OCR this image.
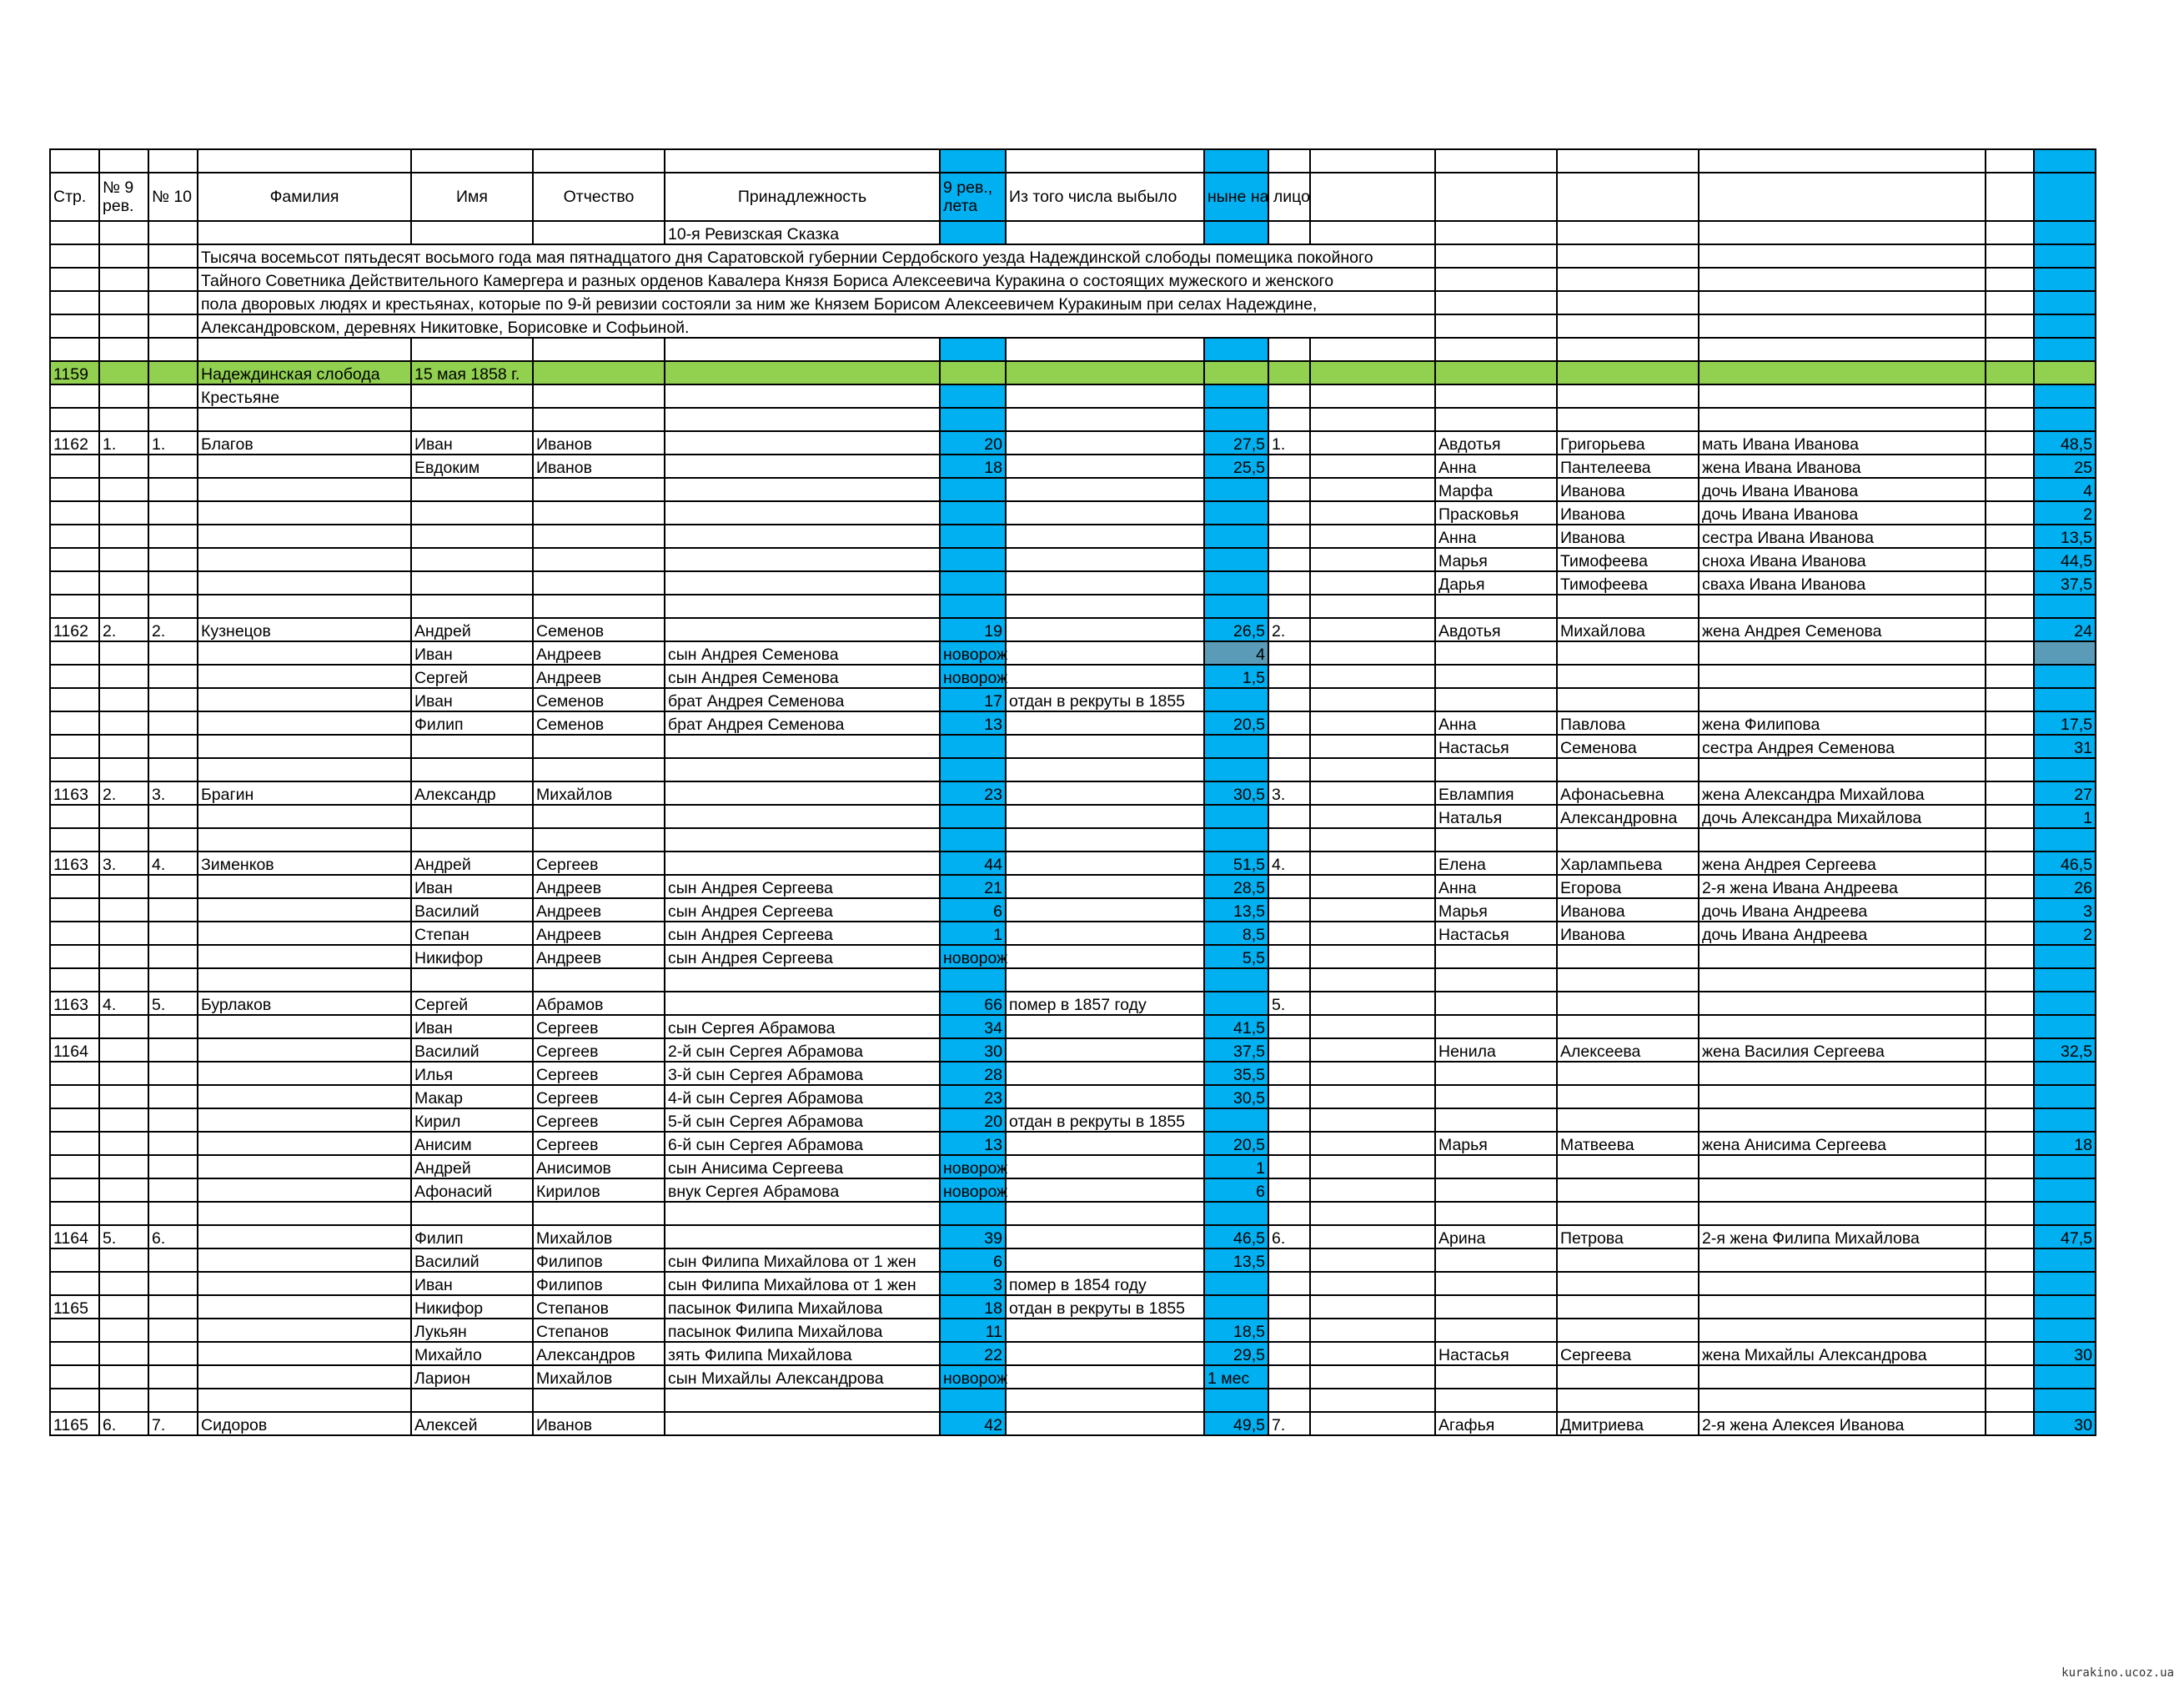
Стр.	№ 9 рев.	№ 10	Фамилия	Имя	Отчество	Принадлежность	9 рев., лета	Из того числа выбыло	ныне на лицо							
						10-я Ревизская Сказка										
			Тысяча восемьсот пятьдесят восьмого года мая пятнадцатого дня Саратовской губернии Сердобского уезда Надеждинской слободы помещика покойного													
			Тайного Советника Действительного Камергера и разных орденов Кавалера Князя Бориса Алексеевича Куракина о состоящих мужеского и женского													
			пола дворовых людях и крестьянах, которые по 9-й ревизии состояли за ним же Князем Борисом Алексеевичем Куракиным при селах Надеждине,													
			Александровском, деревнях Никитовке, Борисовке и Софьиной.													

1159			Надеждинская слобода	15 мая 1858 г.												
			Крестьяне													

1162	1.	1.	Благов	Иван	Иванов		20		27,5	1.		Авдотья	Григорьева	мать Ивана Иванова		48,5
				Евдоким	Иванов		18		25,5			Анна	Пантелеева	жена Ивана Иванова		25
												Марфа	Иванова	дочь Ивана Иванова		4
												Прасковья	Иванова	дочь Ивана Иванова		2
												Анна	Иванова	сестра Ивана Иванова		13,5
												Марья	Тимофеева	сноха Ивана Иванова		44,5
												Дарья	Тимофеева	сваха Ивана Иванова		37,5

1162	2.	2.	Кузнецов	Андрей	Семенов		19		26,5	2.		Авдотья	Михайлова	жена Андрея Семенова		24
				Иван	Андреев	сын Андрея Семенова	новорож		4							
				Сергей	Андреев	сын Андрея Семенова	новорож		1,5							
				Иван	Семенов	брат Андрея Семенова	17	отдан в рекруты в 1855								
				Филип	Семенов	брат Андрея Семенова	13		20,5			Анна	Павлова	жена Филипова		17,5
												Настасья	Семенова	сестра Андрея Семенова		31

1163	2.	3.	Брагин	Александр	Михайлов		23		30,5	3.		Евлампия	Афонасьевна	жена Александра Михайлова		27
												Наталья	Александровна	дочь Александра Михайлова		1

1163	3.	4.	Зименков	Андрей	Сергеев		44		51,5	4.		Елена	Харлампьева	жена Андрея Сергеева		46,5
				Иван	Андреев	сын Андрея Сергеева	21		28,5			Анна	Егорова	2-я жена Ивана Андреева		26
				Василий	Андреев	сын Андрея Сергеева	6		13,5			Марья	Иванова	дочь Ивана Андреева		3
				Степан	Андреев	сын Андрея Сергеева	1		8,5			Настасья	Иванова	дочь Ивана Андреева		2
				Никифор	Андреев	сын Андрея Сергеева	новорож		5,5							

1163	4.	5.	Бурлаков	Сергей	Абрамов		66	помер в 1857 году		5.						
				Иван	Сергеев	сын Сергея Абрамова	34		41,5							
1164				Василий	Сергеев	2-й сын Сергея Абрамова	30		37,5			Ненила	Алексеева	жена Василия Сергеева		32,5
				Илья	Сергеев	3-й сын Сергея Абрамова	28		35,5							
				Макар	Сергеев	4-й сын Сергея Абрамова	23		30,5							
				Кирил	Сергеев	5-й сын Сергея Абрамова	20	отдан в рекруты в 1855								
				Анисим	Сергеев	6-й сын Сергея Абрамова	13		20,5			Марья	Матвеева	жена Анисима Сергеева		18
				Андрей	Анисимов	сын Анисима Сергеева	новорож		1							
				Афонасий	Кирилов	внук Сергея Абрамова	новорож		6							

1164	5.	6.		Филип	Михайлов		39		46,5	6.		Арина	Петрова	2-я жена Филипа Михайлова		47,5
				Василий	Филипов	сын Филипа Михайлова от 1 жен	6		13,5							
				Иван	Филипов	сын Филипа Михайлова от 1 жен	3	помер в 1854 году								
1165				Никифор	Степанов	пасынок Филипа Михайлова	18	отдан в рекруты в 1855								
				Лукьян	Степанов	пасынок Филипа Михайлова	11		18,5							
				Михайло	Александров	зять Филипа Михайлова	22		29,5			Настасья	Сергеева	жена Михайлы Александрова		30
				Ларион	Михайлов	сын Михайлы Александрова	новорож		1 мес							

1165	6.	7.	Сидоров	Алексей	Иванов		42		49,5	7.		Агафья	Дмитриева	2-я жена Алексея Иванова		30
kurakino.ucoz.ua
